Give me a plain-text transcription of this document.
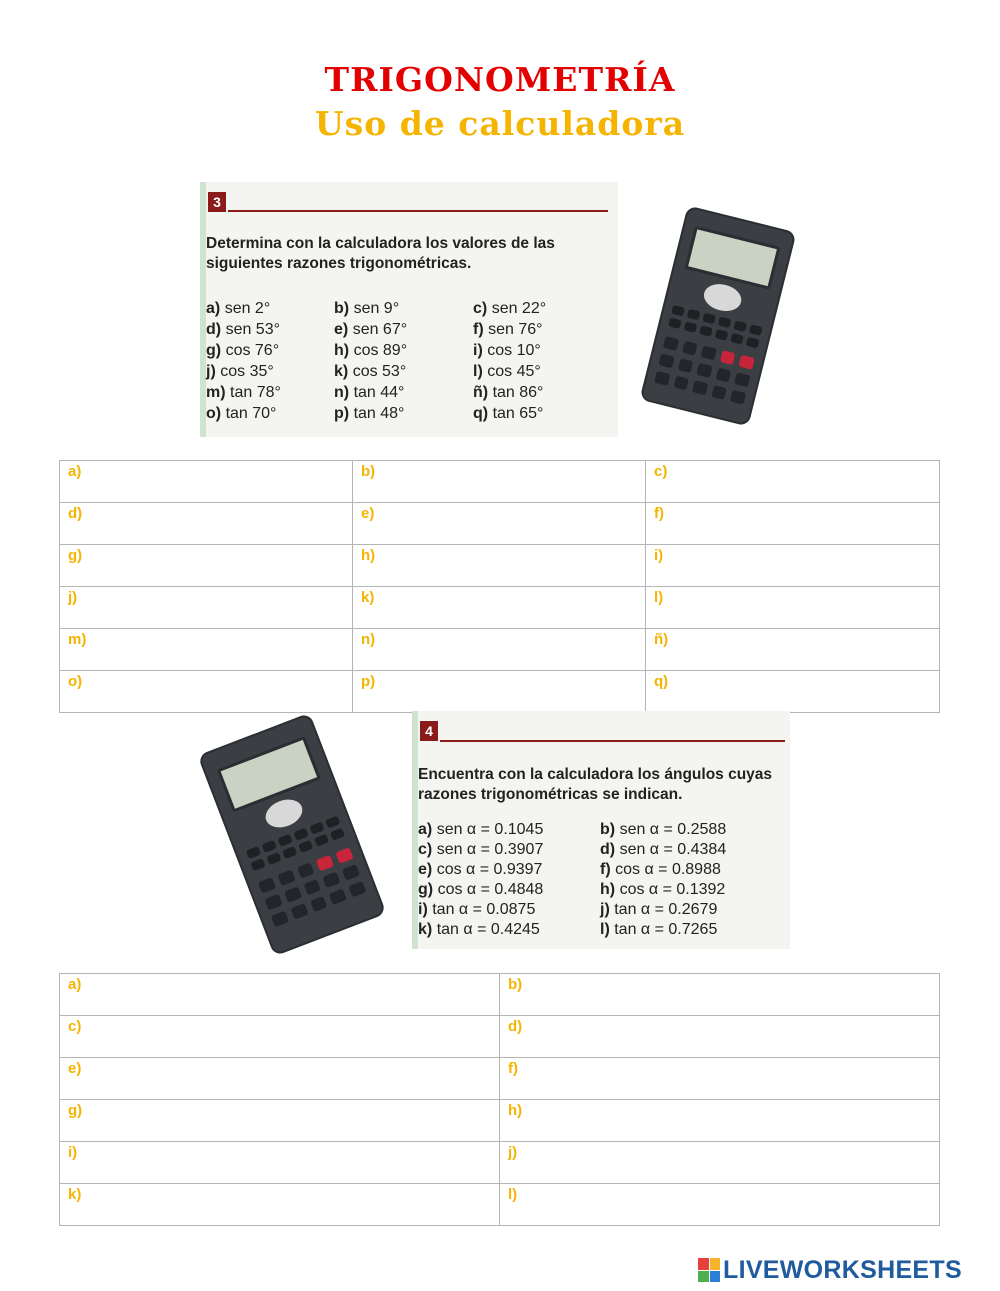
TRIGONOMETRÍA
Uso de calculadora
3
Determina con la calculadora los valores de las siguientes razones trigonométricas.
a) sen 2°	b) sen 9°	c) sen 22°
d) sen 53°	e) sen 67°	f) sen 76°
g) cos 76°	h) cos 89°	i) cos 10°
j) cos 35°	k) cos 53°	l) cos 45°
m) tan 78°	n) tan 44°	ñ) tan 86°
o) tan 70°	p) tan 48°	q) tan 65°
a)	b)	c)
d)	e)	f)
g)	h)	i)
j)	k)	l)
m)	n)	ñ)
o)	p)	q)
4
Encuentra con la calculadora los ángulos cuyas razones trigonométricas se indican.
a) sen α = 0.1045	b) sen α = 0.2588
c) sen α = 0.3907	d) sen α = 0.4384
e) cos α = 0.9397	f) cos α = 0.8988
g) cos α = 0.4848	h) cos α = 0.1392
i) tan α = 0.0875	j) tan α = 0.2679
k) tan α = 0.4245	l) tan α = 0.7265
a)	b)
c)	d)
e)	f)
g)	h)
i)	j)
k)	l)
LIVEWORKSHEETS
